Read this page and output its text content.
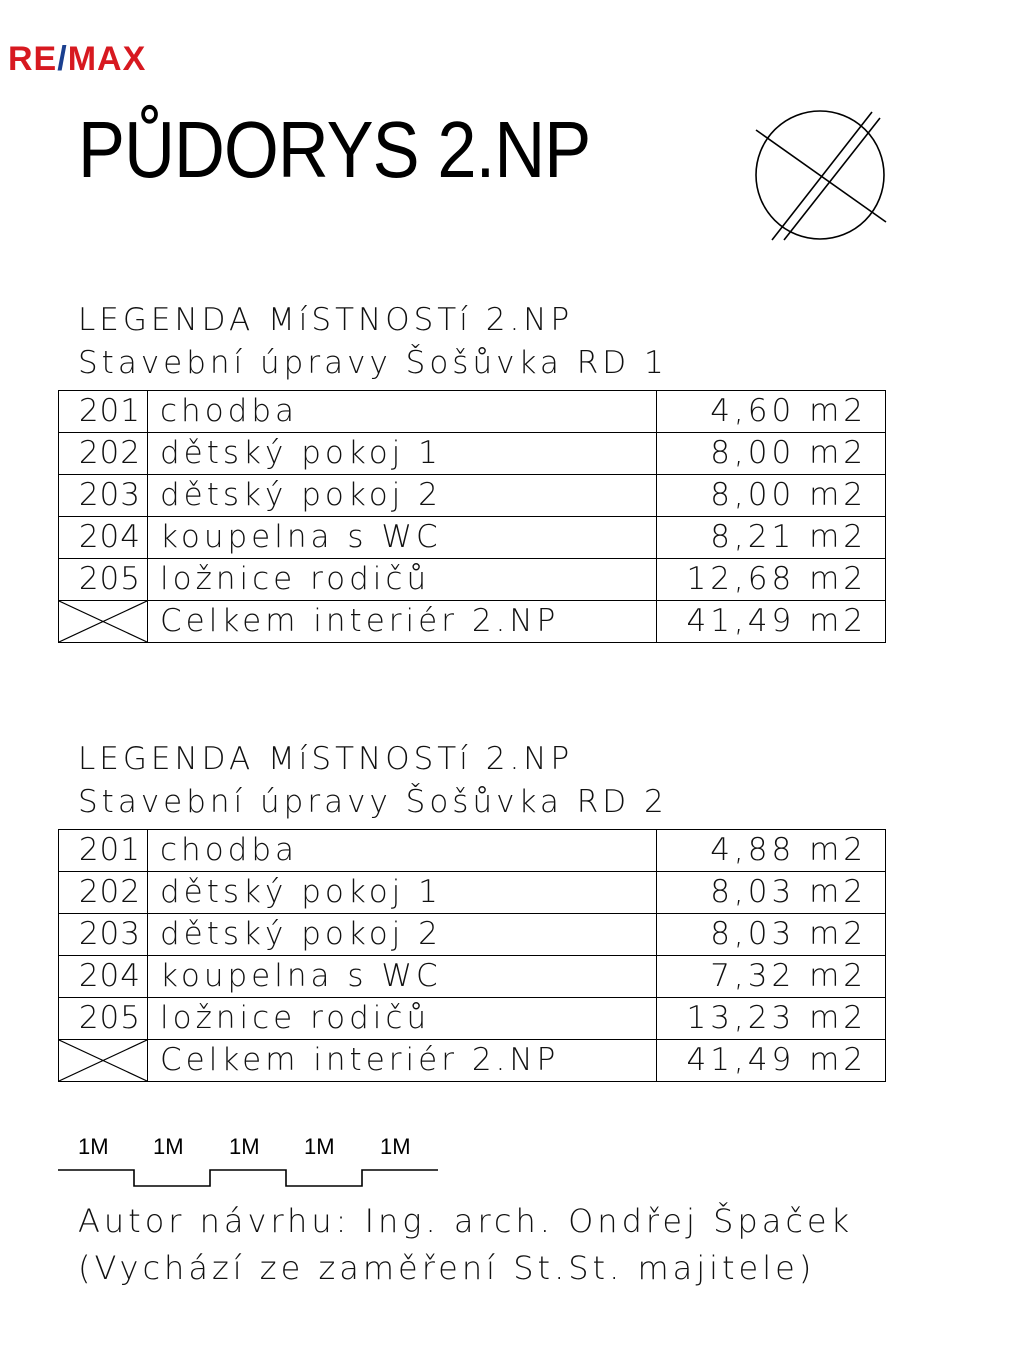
RE/MAX
PŮDORYS 2.NP
LEGENDA MíSTNOSTí 2.NP
Stavební úpravy Šošůvka RD 1
201	chodba	4,60 m2
202	dětský pokoj 1	8,00 m2
203	dětský pokoj 2	8,00 m2
204	koupelna s WC	8,21 m2
205	ložnice rodičů	12,68 m2

	Celkem interiér 2.NP	41,49 m2
LEGENDA MíSTNOSTí 2.NP
Stavební úpravy Šošůvka RD 2
201	chodba	4,88 m2
202	dětský pokoj 1	8,03 m2
203	dětský pokoj 2	8,03 m2
204	koupelna s WC	7,32 m2
205	ložnice rodičů	13,23 m2

	Celkem interiér 2.NP	41,49 m2
1M 1M 1M 1M 1M
Autor návrhu: Ing. arch. Ondřej Špaček
(Vychází ze zaměření St.St. majitele)
